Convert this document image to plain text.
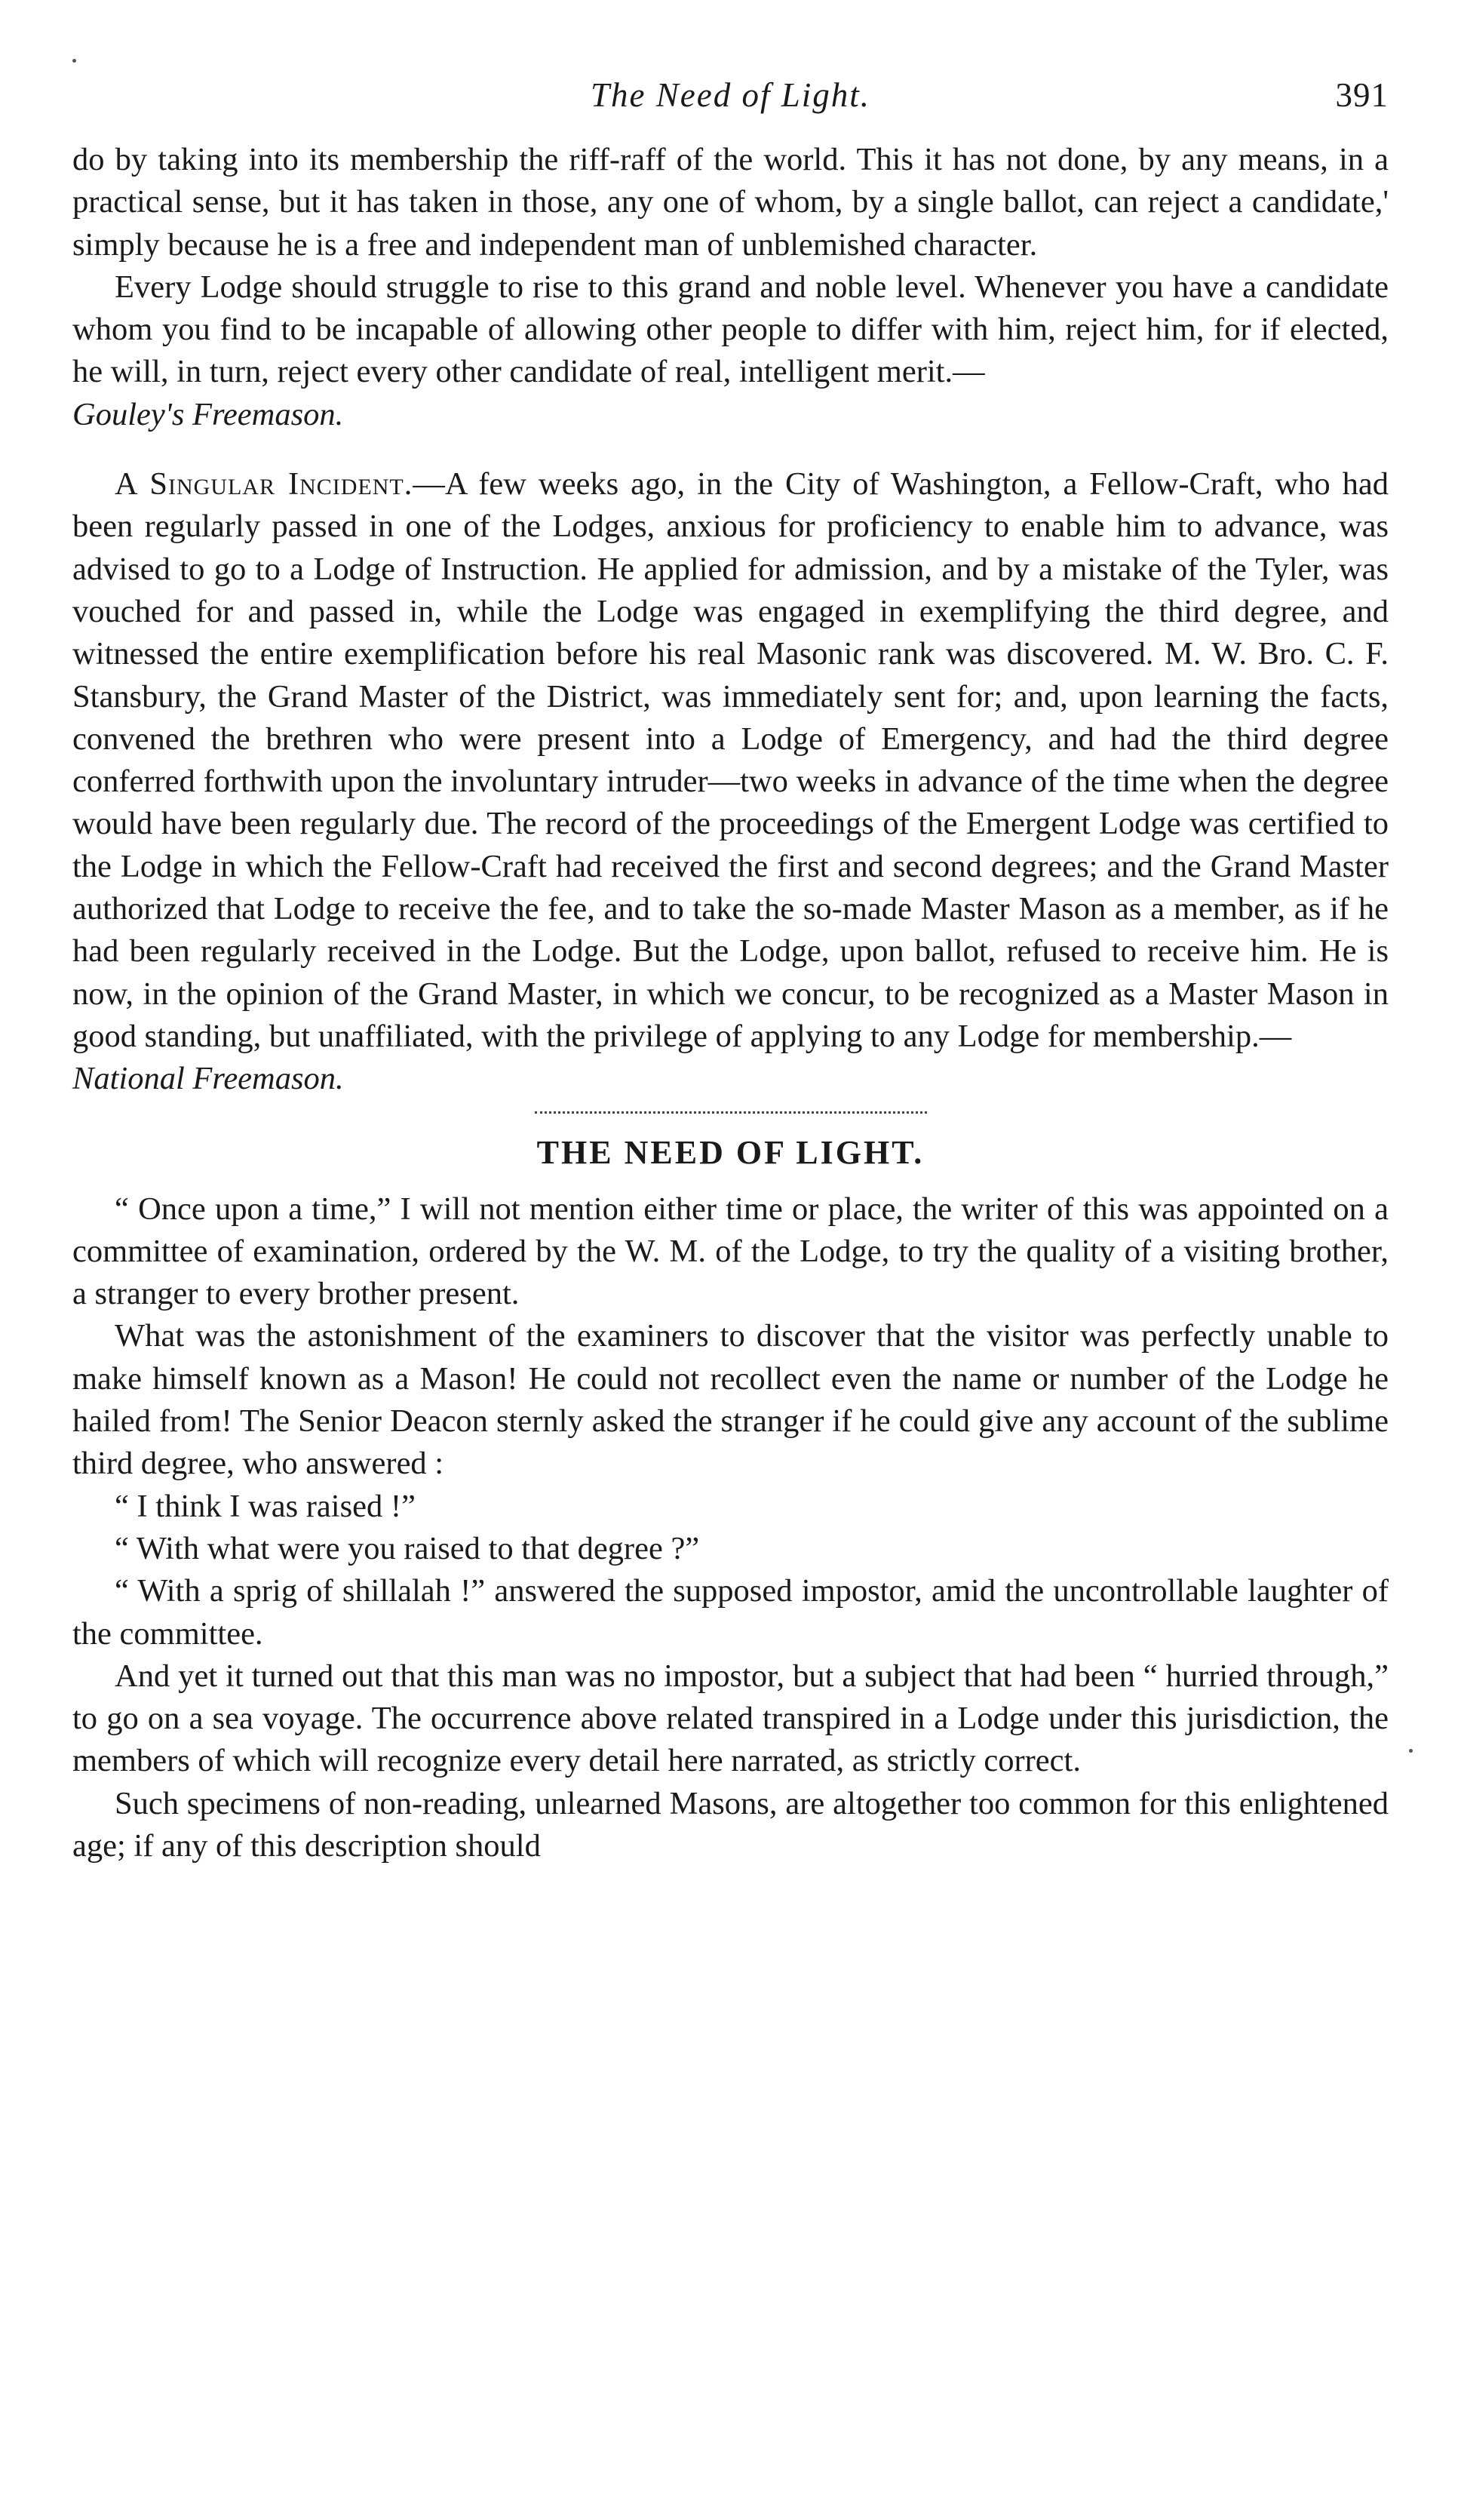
The Need of Light.	391

do by taking into its membership the riff-raff of the world. This it has not done, by any means, in a practical sense, but it has taken in those, any one of whom, by a single ballot, can reject a candidate,' simply because he is a free and independent man of unblemished character.

Every Lodge should struggle to rise to this grand and noble level. Whenever you have a candidate whom you find to be incapable of allowing other people to differ with him, reject him, for if elected, he will, in turn, reject every other candidate of real, intelligent merit.—
Gouley's Freemason.

A Singular Incident.—A few weeks ago, in the City of Washington, a Fellow-Craft, who had been regularly passed in one of the Lodges, anxious for proficiency to enable him to advance, was advised to go to a Lodge of Instruction. He applied for admission, and by a mistake of the Tyler, was vouched for and passed in, while the Lodge was engaged in exemplifying the third degree, and witnessed the entire exemplification before his real Masonic rank was discovered. M. W. Bro. C. F. Stansbury, the Grand Master of the District, was immediately sent for; and, upon learning the facts, convened the brethren who were present into a Lodge of Emergency, and had the third degree conferred forthwith upon the involuntary intruder—two weeks in advance of the time when the degree would have been regularly due. The record of the proceedings of the Emergent Lodge was certified to the Lodge in which the Fellow-Craft had received the first and second degrees; and the Grand Master authorized that Lodge to receive the fee, and to take the so-made Master Mason as a member, as if he had been regularly received in the Lodge. But the Lodge, upon ballot, refused to receive him. He is now, in the opinion of the Grand Master, in which we concur, to be recognized as a Master Mason in good standing, but unaffiliated, with the privilege of applying to any Lodge for membership.—
National Freemason.

THE NEED OF LIGHT.

“ Once upon a time,” I will not mention either time or place, the writer of this was appointed on a committee of examination, ordered by the W. M. of the Lodge, to try the quality of a visiting brother, a stranger to every brother present.

What was the astonishment of the examiners to discover that the visitor was perfectly unable to make himself known as a Mason! He could not recollect even the name or number of the Lodge he hailed from! The Senior Deacon sternly asked the stranger if he could give any account of the sublime third degree, who answered :

“ I think I was raised !”

“ With what were you raised to that degree ?”

“ With a sprig of shillalah !” answered the supposed impostor, amid the uncontrollable laughter of the committee.

And yet it turned out that this man was no impostor, but a subject that had been “ hurried through,” to go on a sea voyage. The occurrence above related transpired in a Lodge under this jurisdiction, the members of which will recognize every detail here narrated, as strictly correct.

Such specimens of non-reading, unlearned Masons, are altogether too common for this enlightened age; if any of this description should
